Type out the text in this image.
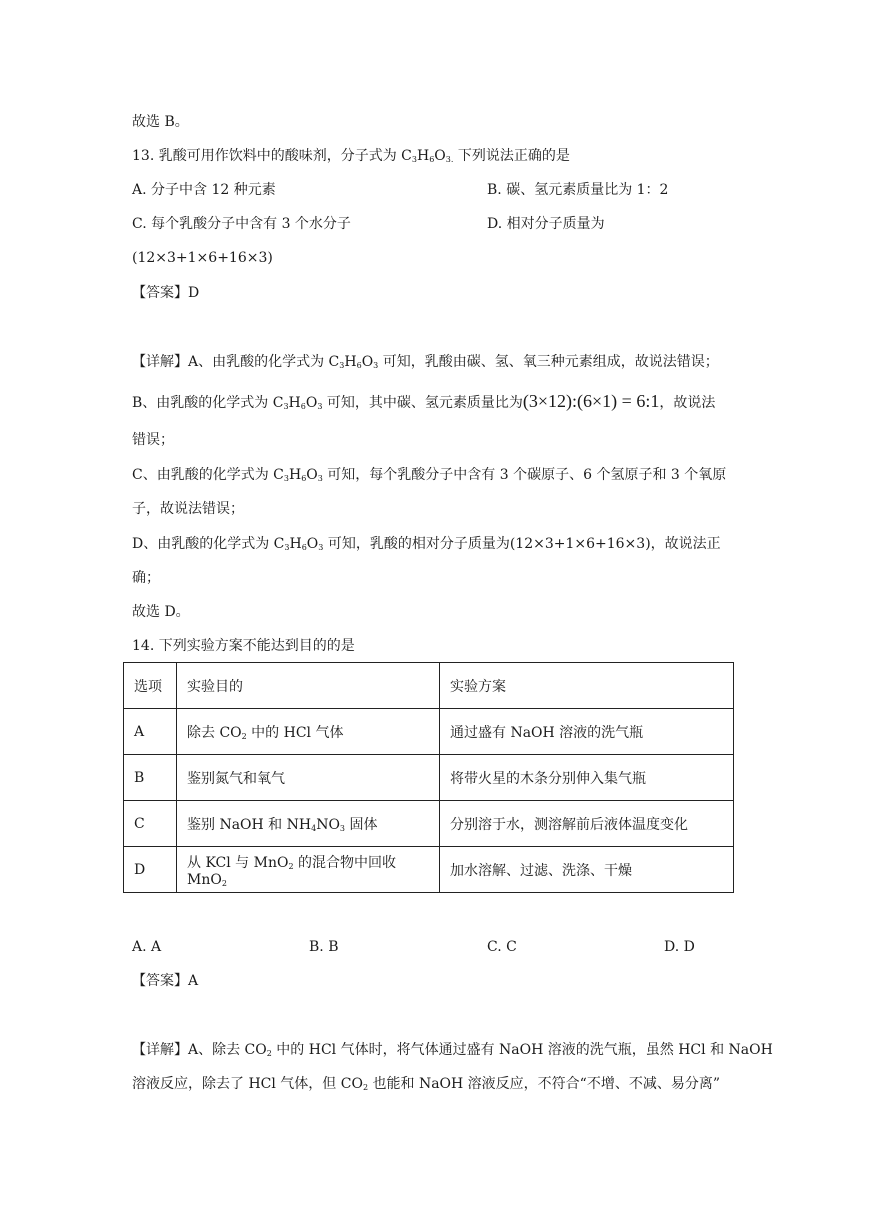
故选 B。
13. 乳酸可用作饮料中的酸味剂，分子式为 $C_3H_6O_{3.}$ 下列说法正确的是
A. 分子中含 12 种元素	B. 碳、氢元素质量比为 1：2
C. 每个乳酸分子中含有 3 个水分子	D. 相对分子质量为
(12×3+1×6+16×3)
【答案】D
【详解】A、由乳酸的化学式为 $C_3H_6O_3$ 可知，乳酸由碳、氢、氧三种元素组成，故说法错误；
B、由乳酸的化学式为 $C_3H_6O_3$ 可知，其中碳、氢元素质量比为(3×12):(6×1) = 6:1，故说法
错误；
C、由乳酸的化学式为 $C_3H_6O_3$ 可知，每个乳酸分子中含有 3 个碳原子、6 个氢原子和 3 个氧原
子，故说法错误；
D、由乳酸的化学式为 $C_3H_6O_3$ 可知，乳酸的相对分子质量为(12×3+1×6+16×3)，故说法正
确；
故选 D。
14. 下列实验方案不能达到目的的是
选项	实验目的	实验方案
A	除去 $CO_2$ 中的 HCl 气体	通过盛有 NaOH 溶液的洗气瓶
B	鉴别氮气和氧气	将带火星的木条分别伸入集气瓶
C	鉴别 NaOH 和 $NH_4NO_3$ 固体	分别溶于水，测溶解前后液体温度变化
D	从 KCl 与 MnO$_2$ 的混合物中回收 MnO$_2$	加水溶解、过滤、洗涤、干燥
A. A	B. B	C. C	D. D
【答案】A
【详解】A、除去 $CO_2$ 中的 HCl 气体时，将气体通过盛有 NaOH 溶液的洗气瓶，虽然 HCl 和 NaOH
溶液反应，除去了 HCl 气体，但 $CO_2$ 也能和 NaOH 溶液反应，不符合“不增、不减、易分离”
